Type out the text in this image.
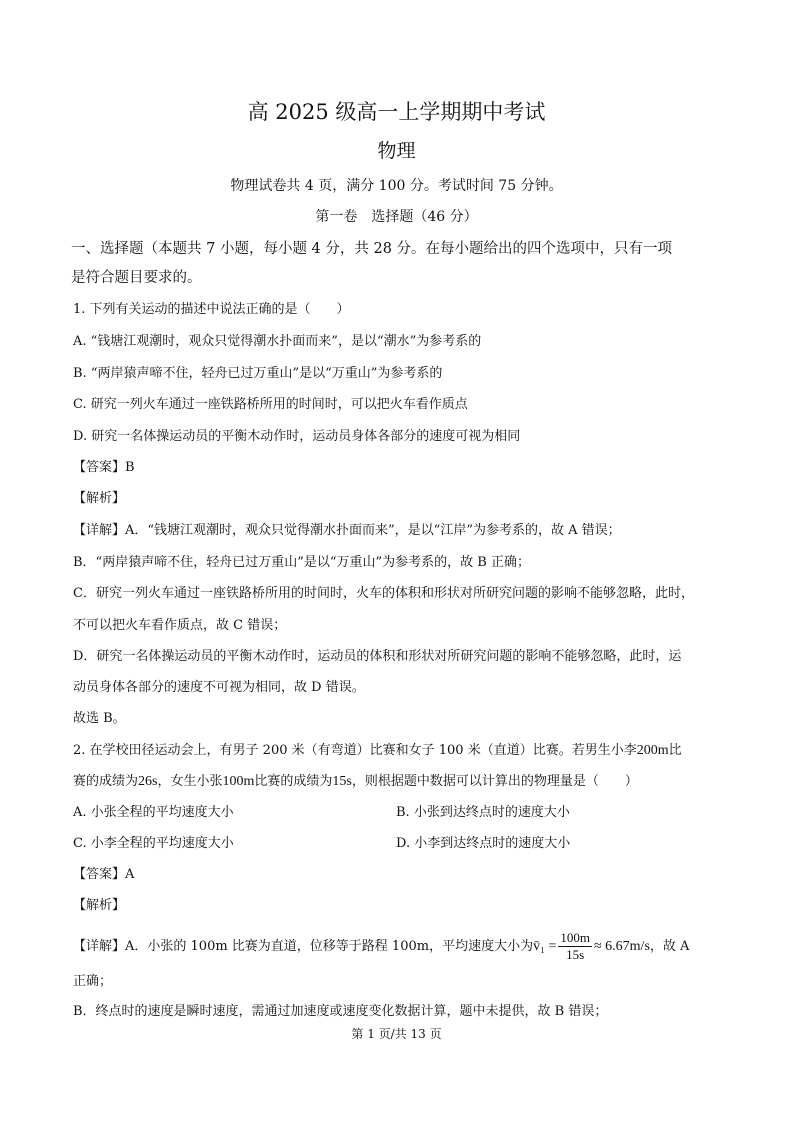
高 2025 级高一上学期期中考试
物理
物理试卷共 4 页，满分 100 分。考试时间 75 分钟。
第一卷　选择题（46 分）
一、选择题（本题共 7 小题，每小题 4 分，共 28 分。在每小题给出的四个选项中，只有一项
是符合题目要求的。
1. 下列有关运动的描述中说法正确的是（　　）
A. “钱塘江观潮时，观众只觉得潮水扑面而来”，是以“潮水”为参考系的
B. “两岸猿声啼不住，轻舟已过万重山”是以“万重山”为参考系的
C. 研究一列火车通过一座铁路桥所用的时间时，可以把火车看作质点
D. 研究一名体操运动员的平衡木动作时，运动员身体各部分的速度可视为相同
【答案】B
【解析】
【详解】A．“钱塘江观潮时，观众只觉得潮水扑面而来”，是以“江岸”为参考系的，故 A 错误；
B．“两岸猿声啼不住，轻舟已过万重山”是以“万重山”为参考系的，故 B 正确；
C．研究一列火车通过一座铁路桥所用的时间时，火车的体积和形状对所研究问题的影响不能够忽略，此时，
不可以把火车看作质点，故 C 错误；
D．研究一名体操运动员的平衡木动作时，运动员的体积和形状对所研究问题的影响不能够忽略，此时，运
动员身体各部分的速度不可视为相同，故 D 错误。
故选 B。
2. 在学校田径运动会上，有男子 200 米（有弯道）比赛和女子 100 米（直道）比赛。若男生小李200m比
赛的成绩为26s，女生小张100m比赛的成绩为15s，则根据题中数据可以计算出的物理量是（　　）
A. 小张全程的平均速度大小	B. 小张到达终点时的速度大小
C. 小李全程的平均速度大小	D. 小李到达终点时的速度大小
【答案】A
【解析】
【详解】A．小张的 100m 比赛为直道，位移等于路程 100m，平均速度大小为v̄₁ = $\frac{100m}{15s} \approx 6.67m/s$，故 A
正确；
B．终点时的速度是瞬时速度，需通过加速度或速度变化数据计算，题中未提供，故 B 错误；
第 1 页/共 13 页
